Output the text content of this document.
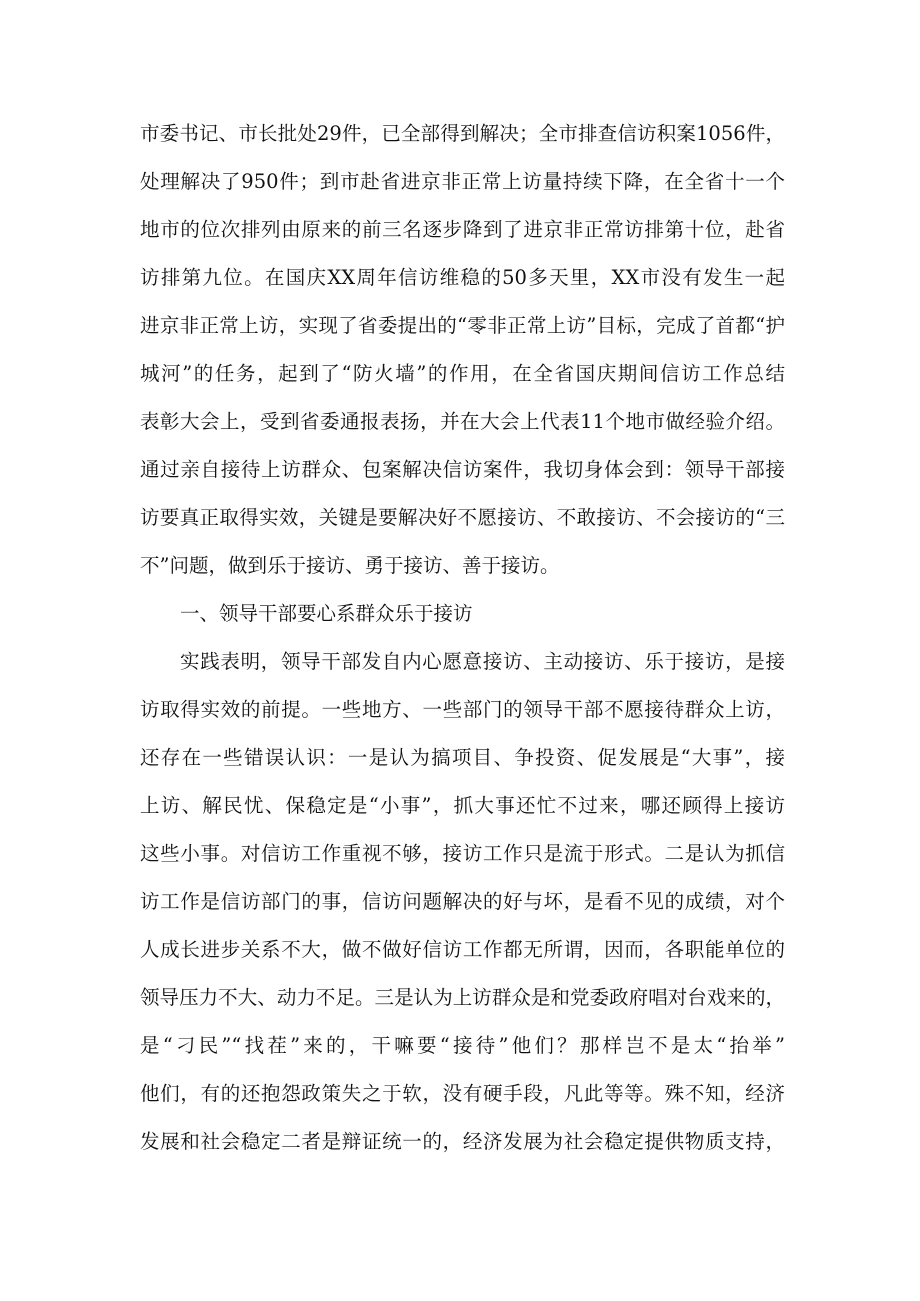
市委书记、市长批处29件，已全部得到解决；全市排查信访积案1056件，
处理解决了950件；到市赴省进京非正常上访量持续下降，在全省十一个
地市的位次排列由原来的前三名逐步降到了进京非正常访排第十位，赴省
访排第九位。在国庆XX周年信访维稳的50多天里，XX市没有发生一起
进京非正常上访，实现了省委提出的“零非正常上访”目标，完成了首都“护
城河”的任务，起到了“防火墙”的作用，在全省国庆期间信访工作总结
表彰大会上，受到省委通报表扬，并在大会上代表11个地市做经验介绍。
通过亲自接待上访群众、包案解决信访案件，我切身体会到：领导干部接
访要真正取得实效，关键是要解决好不愿接访、不敢接访、不会接访的“三
不”问题，做到乐于接访、勇于接访、善于接访。
一、领导干部要心系群众乐于接访
实践表明，领导干部发自内心愿意接访、主动接访、乐于接访，是接
访取得实效的前提。一些地方、一些部门的领导干部不愿接待群众上访，
还存在一些错误认识：一是认为搞项目、争投资、促发展是“大事”，接
上访、解民忧、保稳定是“小事”，抓大事还忙不过来，哪还顾得上接访
这些小事。对信访工作重视不够，接访工作只是流于形式。二是认为抓信
访工作是信访部门的事，信访问题解决的好与坏，是看不见的成绩，对个
人成长进步关系不大，做不做好信访工作都无所谓，因而，各职能单位的
领导压力不大、动力不足。三是认为上访群众是和党委政府唱对台戏来的，
是“刁民”“找茬”来的，干嘛要“接待”他们？那样岂不是太“抬举”
他们，有的还抱怨政策失之于软，没有硬手段，凡此等等。殊不知，经济
发展和社会稳定二者是辩证统一的，经济发展为社会稳定提供物质支持，
